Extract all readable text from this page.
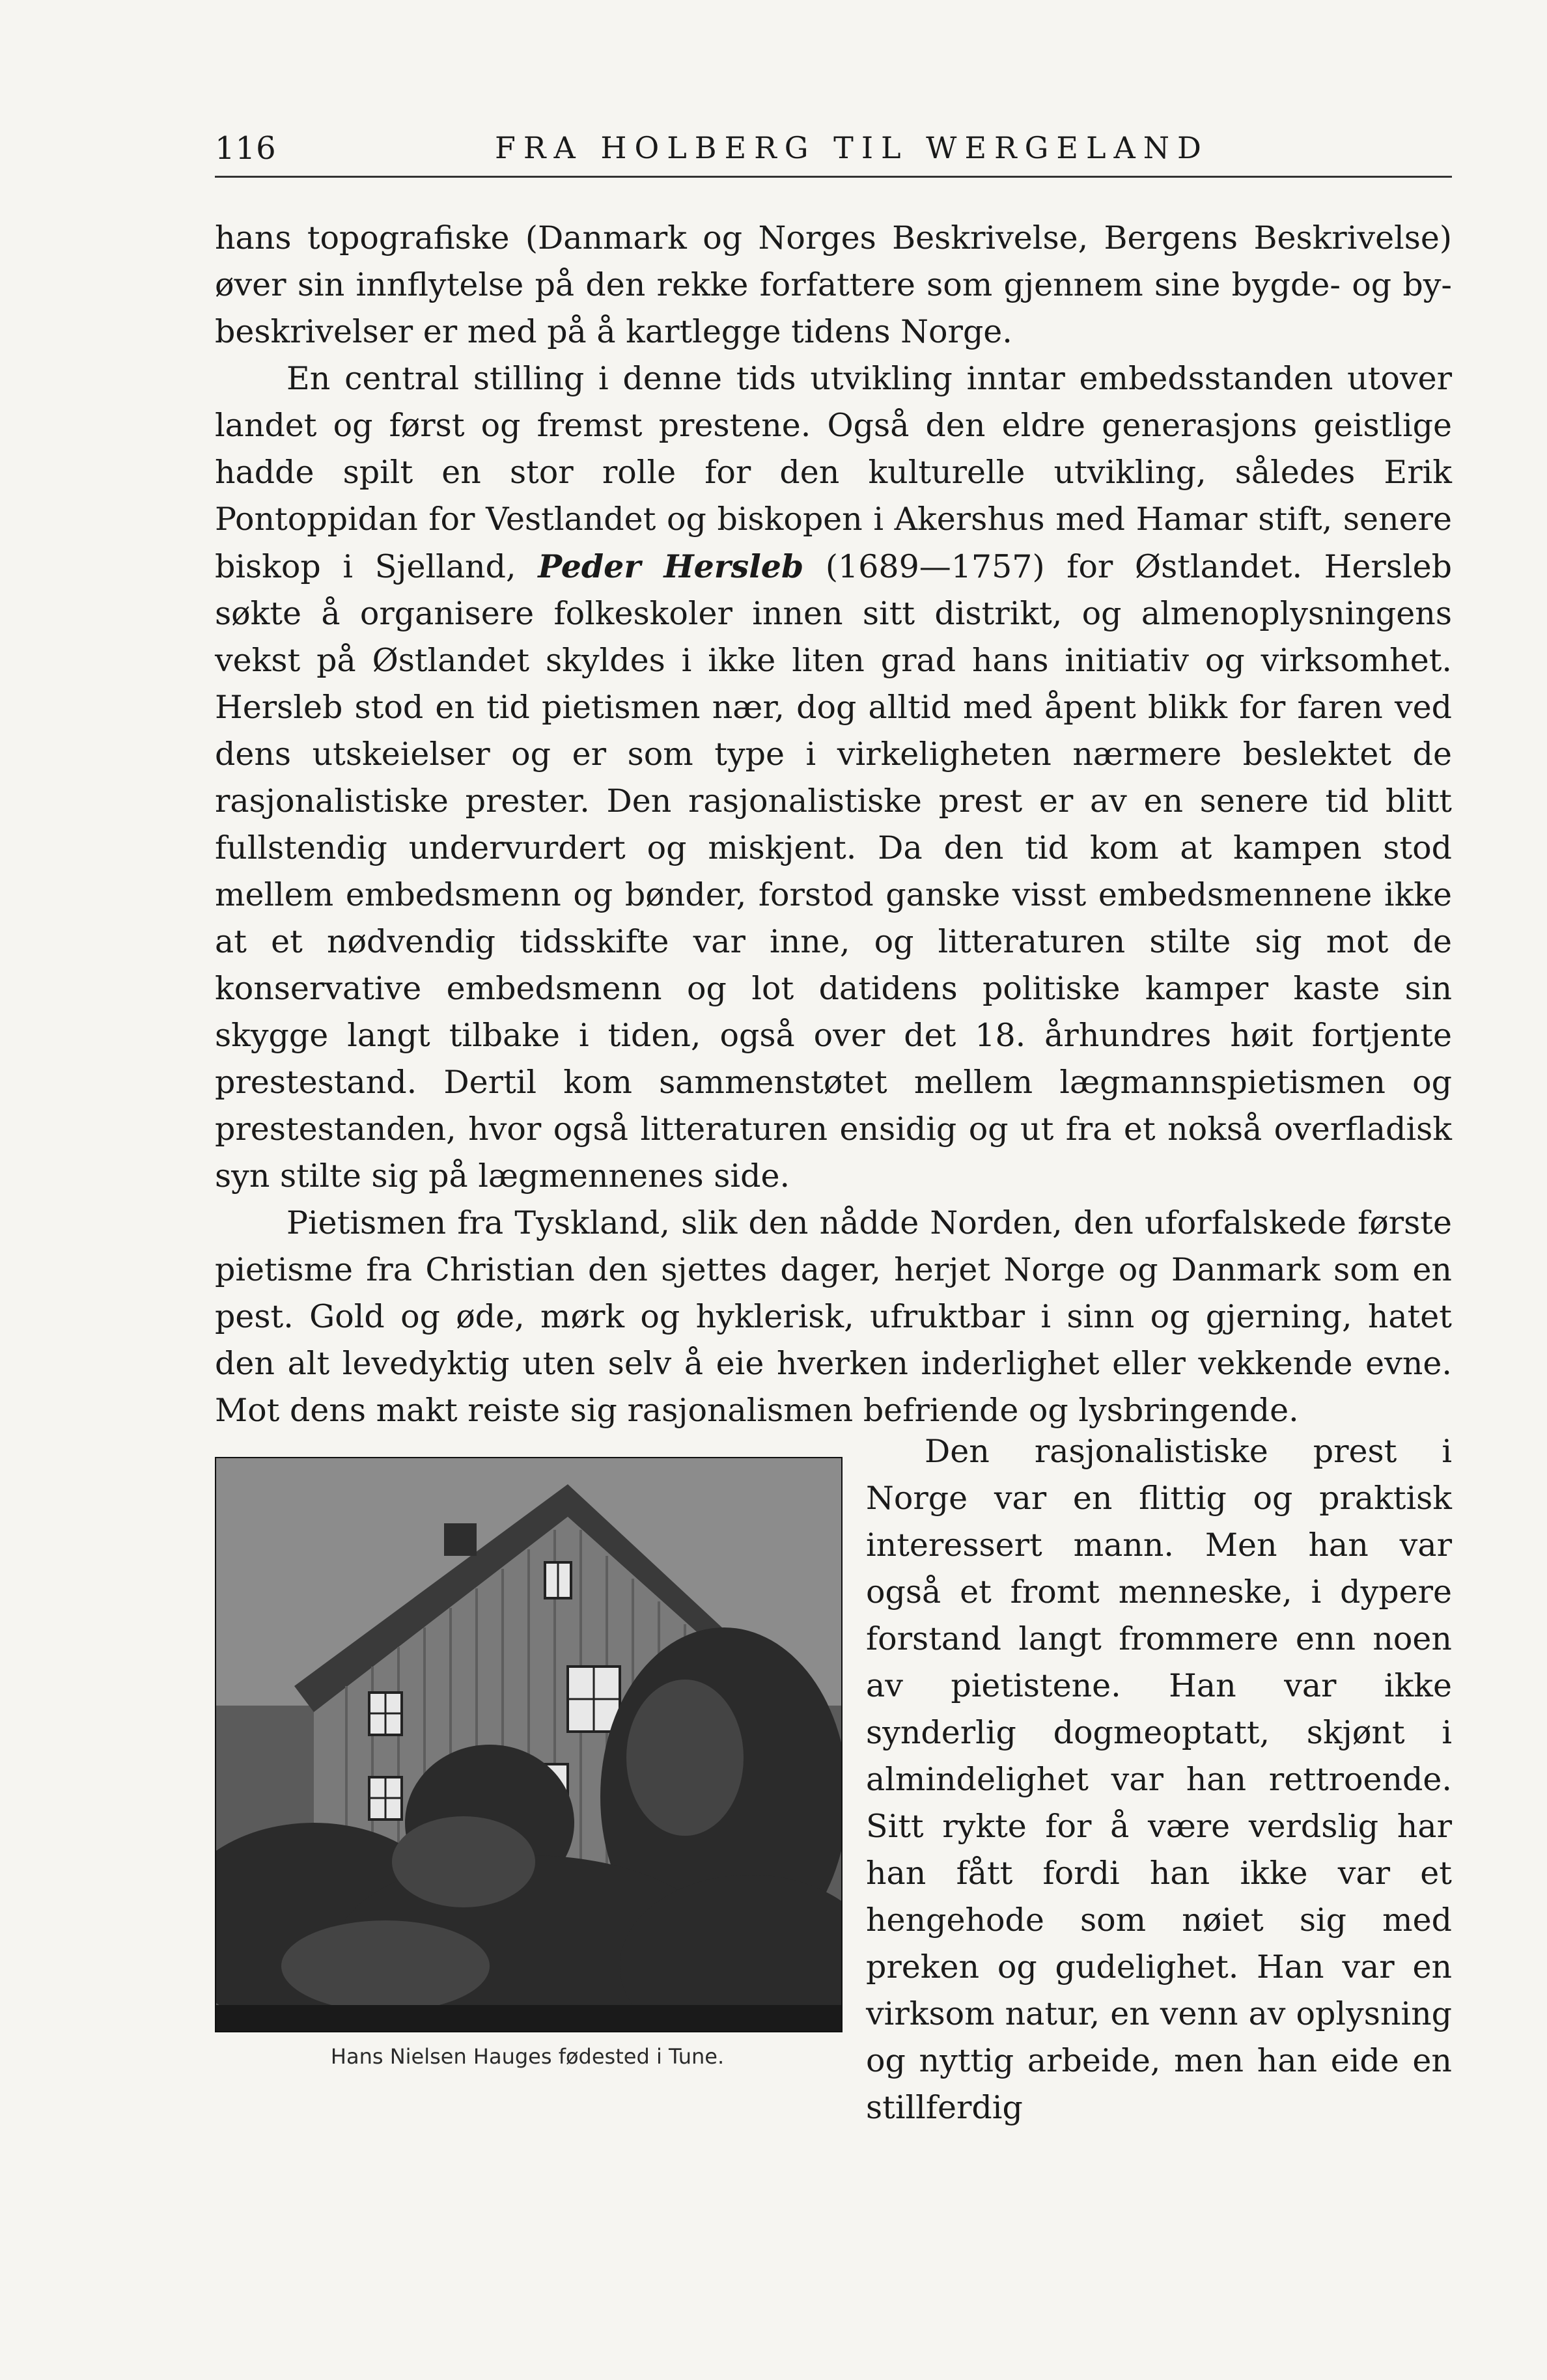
116	FRA HOLBERG TIL WERGELAND

hans topografiske (Danmark og Norges Beskrivelse, Bergens Beskrivelse) øver sin innflytelse på den rekke forfattere som gjennem sine bygde- og by-beskrivelser er med på å kartlegge tidens Norge.

En central stilling i denne tids utvikling inntar embedsstanden utover landet og først og fremst prestene. Også den eldre generasjons geistlige hadde spilt en stor rolle for den kulturelle utvikling, således Erik Pontoppidan for Vestlandet og biskopen i Akershus med Hamar stift, senere biskop i Sjelland, Peder Hersleb (1689—1757) for Østlandet. Hersleb søkte å organisere folkeskoler innen sitt distrikt, og almenoplysningens vekst på Østlandet skyldes i ikke liten grad hans initiativ og virksomhet. Hersleb stod en tid pietismen nær, dog alltid med åpent blikk for faren ved dens utskeielser og er som type i virkeligheten nærmere beslektet de rasjonalistiske prester. Den rasjonalistiske prest er av en senere tid blitt fullstendig undervurdert og miskjent. Da den tid kom at kampen stod mellem embedsmenn og bønder, forstod ganske visst embedsmennene ikke at et nødvendig tidsskifte var inne, og litteraturen stilte sig mot de konservative embedsmenn og lot datidens politiske kamper kaste sin skygge langt tilbake i tiden, også over det 18. århundres høit fortjente prestestand. Dertil kom sammenstøtet mellem lægmannspietismen og prestestanden, hvor også litteraturen ensidig og ut fra et nokså overfladisk syn stilte sig på lægmennenes side.

Pietismen fra Tyskland, slik den nådde Norden, den uforfalskede første pietisme fra Christian den sjettes dager, herjet Norge og Danmark som en pest. Gold og øde, mørk og hyklerisk, ufruktbar i sinn og gjerning, hatet den alt levedyktig uten selv å eie hverken inderlighet eller vekkende evne. Mot dens makt reiste sig rasjonalismen befriende og lysbringende.

Hans Nielsen Hauges fødested i Tune.

Den rasjonalistiske prest i Norge var en flittig og praktisk interessert mann. Men han var også et fromt menneske, i dypere forstand langt frommere enn noen av pietistene. Han var ikke synderlig dogmeoptatt, skjønt i almindelighet var han rettroende. Sitt rykte for å være verdslig har han fått fordi han ikke var et hengehode som nøiet sig med preken og gudelighet. Han var en virksom natur, en venn av oplysning og nyttig arbeide, men han eide en stillferdig
